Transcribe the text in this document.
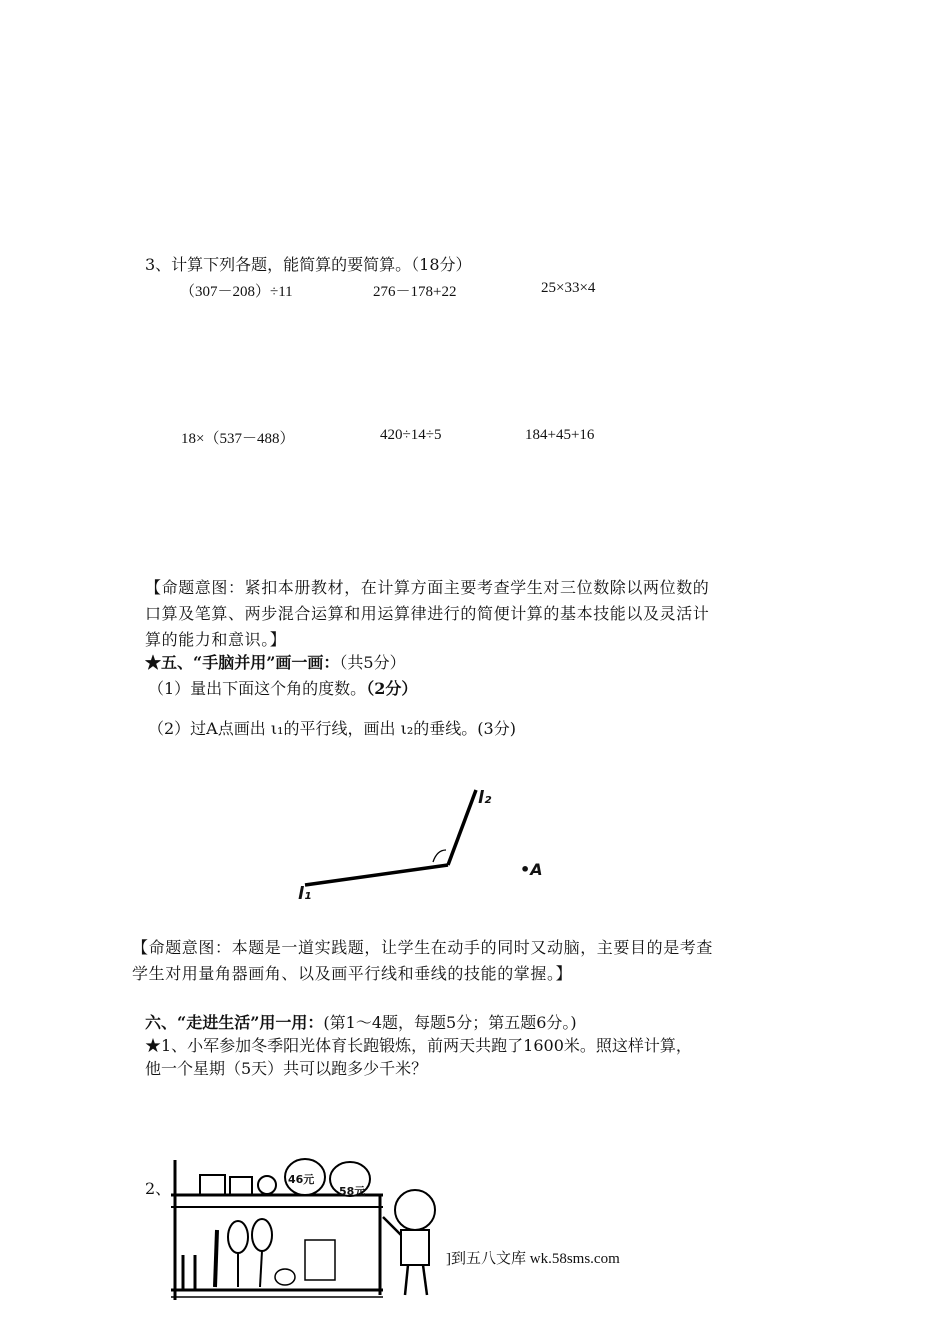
3、计算下列各题，能简算的要简算。（18分）
（307－208）÷11	276－178+22	25×33×4
18×（537－488）	420÷14÷5	184+45+16
【命题意图：紧扣本册教材，在计算方面主要考查学生对三位数除以两位数的
口算及笔算、两步混合运算和用运算律进行的简便计算的基本技能以及灵活计
算的能力和意识。】
★五、“手脑并用”画一画：（共5分）
（1）量出下面这个角的度数。（2分）
（2）过A点画出 ι₁的平行线，画出 ι₂的垂线。(3分)
l₁
l₂
•A
【命题意图：本题是一道实践题，让学生在动手的同时又动脑，主要目的是考查
学生对用量角器画角、以及画平行线和垂线的技能的掌握。】
六、“走进生活”用一用：(第1～4题，每题5分；第五题6分。)
★1、小军参加冬季阳光体育长跑锻炼，前两天共跑了1600米。照这样计算，
他一个星期（5天）共可以跑多少千米？
2、	46元
58元
]到五八文库 wk.58sms.com
